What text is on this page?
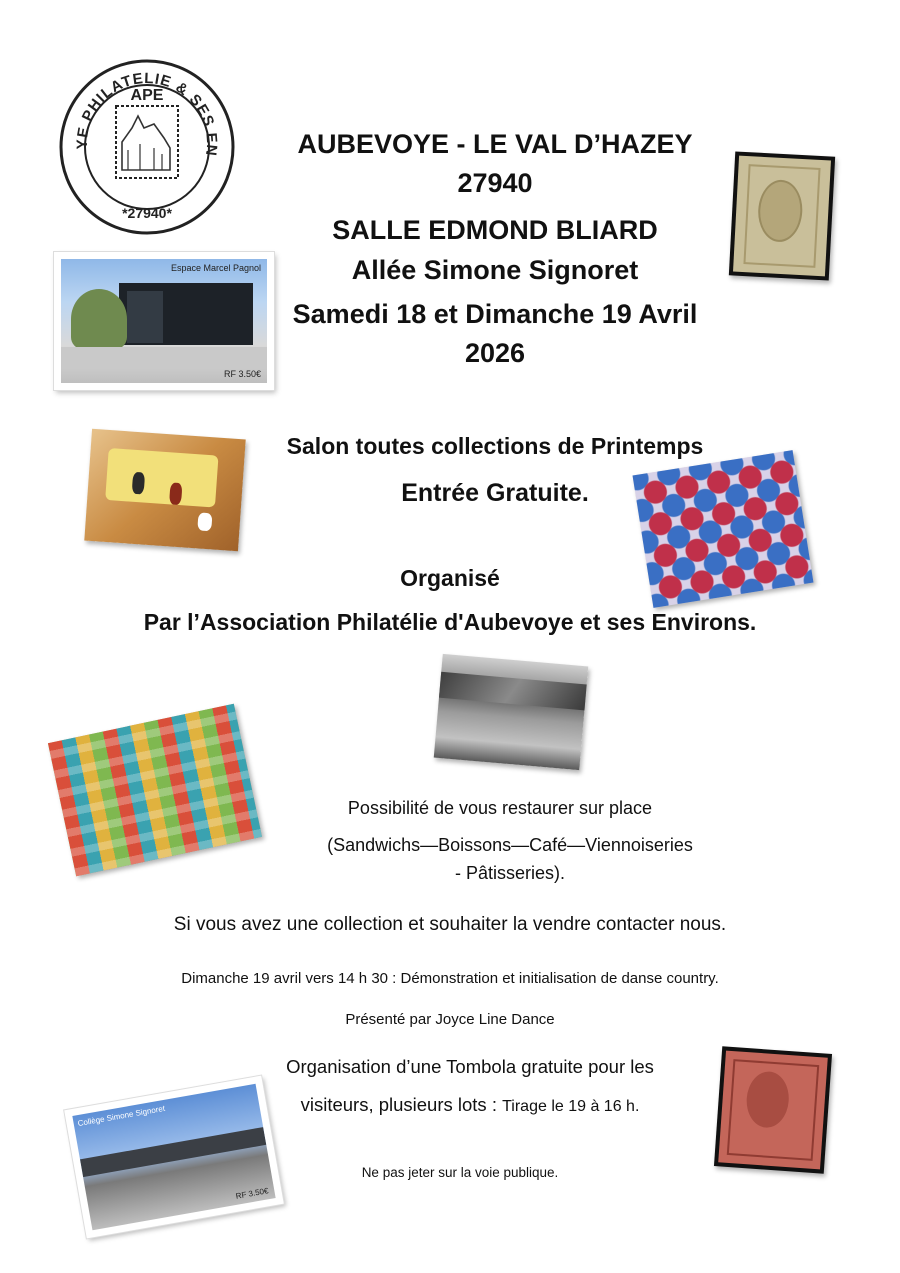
YE PHILATELIE & SES EN
APE
*27940*
Espace Marcel Pagnol
RF 3.50€
Collège Simone Signoret
RF 3.50€
AUBEVOYE - LE VAL D’HAZEY
27940
SALLE EDMOND BLIARD
Allée Simone Signoret
Samedi 18 et Dimanche 19 Avril
2026
Salon toutes collections de Printemps
Entrée Gratuite.
Organisé
Par l’Association Philatélie d'Aubevoye et ses Environs.
Possibilité de vous restaurer sur place
(Sandwichs—Boissons—Café—Viennoiseries
- Pâtisseries).
Si vous avez une collection et souhaiter la vendre contacter nous.
Dimanche 19 avril vers 14 h 30 : Démonstration et initialisation de danse country.
Présenté par Joyce Line Dance
Organisation d’une Tombola gratuite pour les
visiteurs, plusieurs lots : Tirage le 19 à 16 h.
Ne pas jeter sur la voie publique.
